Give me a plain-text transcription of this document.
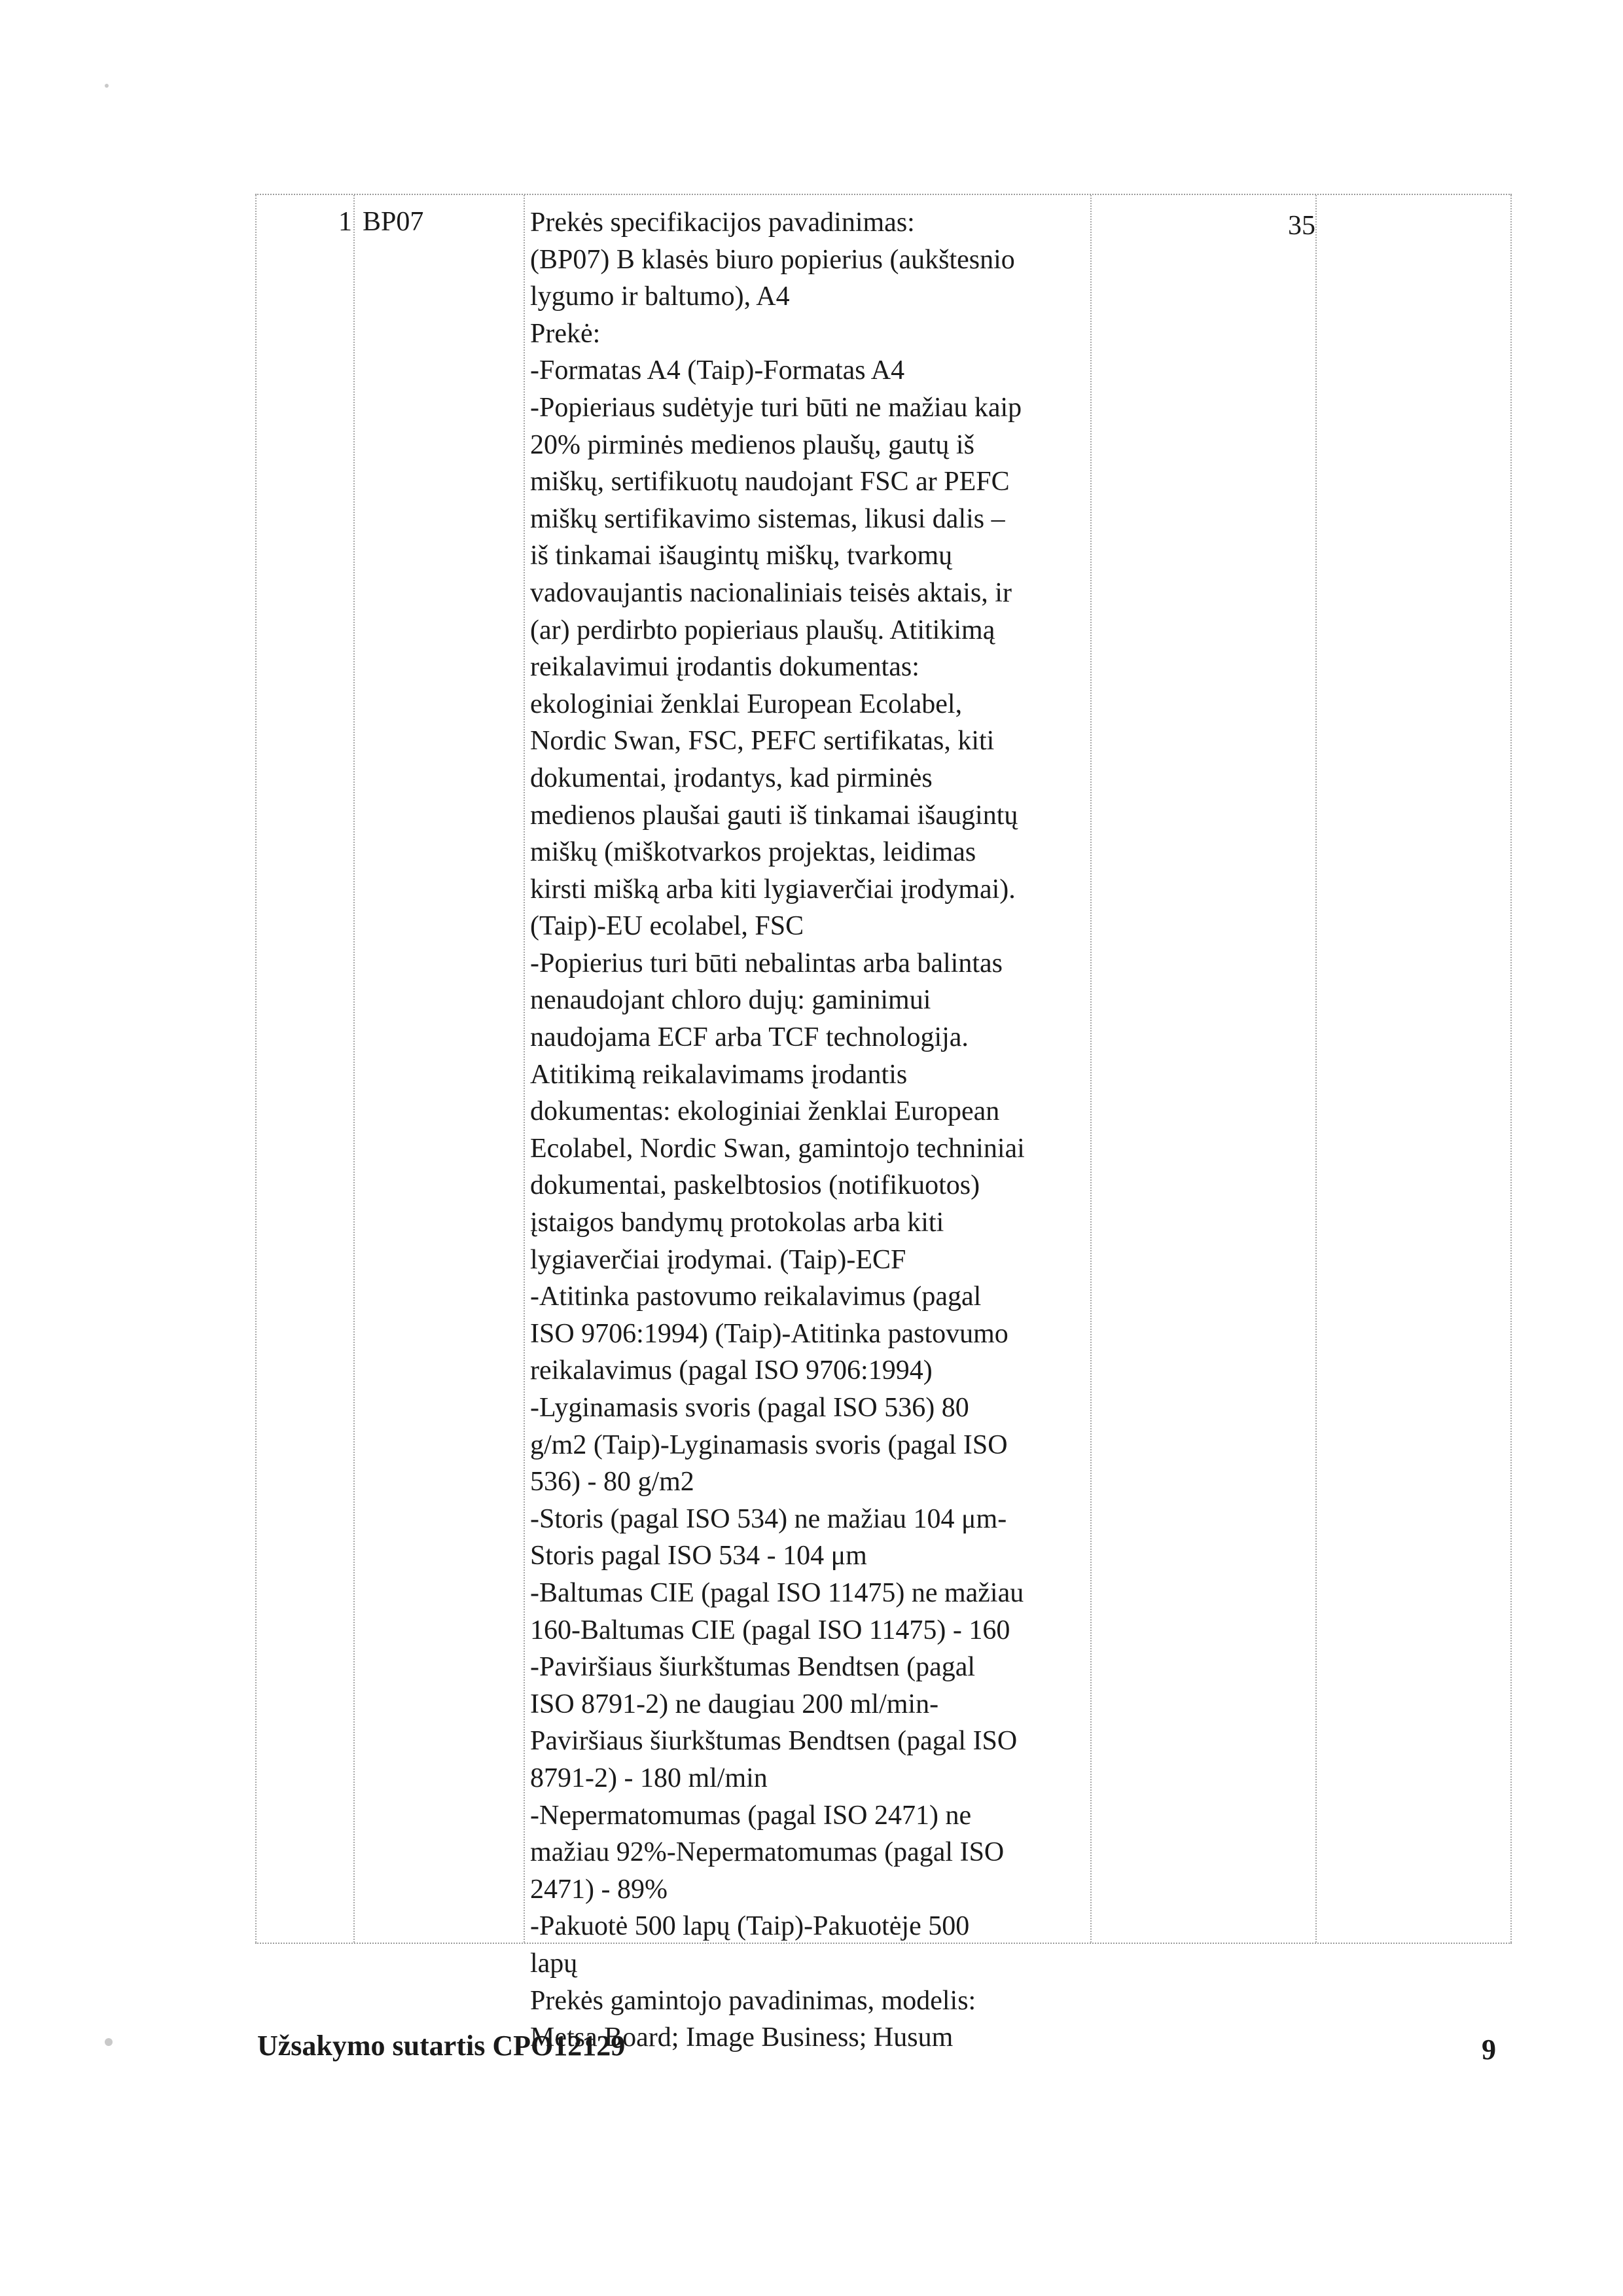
1 BP07	Prekės specifikacijos pavadinimas:
(BP07) B klasės biuro popierius (aukštesnio
lygumo ir baltumo), A4
Prekė:
-Formatas A4 (Taip)-Formatas A4
-Popieriaus sudėtyje turi būti ne mažiau kaip
20% pirminės medienos plaušų, gautų iš
miškų, sertifikuotų naudojant FSC ar PEFC
miškų sertifikavimo sistemas, likusi dalis –
iš tinkamai išaugintų miškų, tvarkomų
vadovaujantis nacionaliniais teisės aktais, ir
(ar) perdirbto popieriaus plaušų. Atitikimą
reikalavimui įrodantis dokumentas:
ekologiniai ženklai European Ecolabel,
Nordic Swan, FSC, PEFC sertifikatas, kiti
dokumentai, įrodantys, kad pirminės
medienos plaušai gauti iš tinkamai išaugintų
miškų (miškotvarkos projektas, leidimas
kirsti mišką arba kiti lygiaverčiai įrodymai).
(Taip)-EU ecolabel, FSC
-Popierius turi būti nebalintas arba balintas
nenaudojant chloro dujų: gaminimui
naudojama ECF arba TCF technologija.
Atitikimą reikalavimams įrodantis
dokumentas: ekologiniai ženklai European
Ecolabel, Nordic Swan, gamintojo techniniai
dokumentai, paskelbtosios (notifikuotos)
įstaigos bandymų protokolas arba kiti
lygiaverčiai įrodymai. (Taip)-ECF
-Atitinka pastovumo reikalavimus (pagal
ISO 9706:1994) (Taip)-Atitinka pastovumo
reikalavimus (pagal ISO 9706:1994)
-Lyginamasis svoris (pagal ISO 536) 80
g/m2 (Taip)-Lyginamasis svoris (pagal ISO
536) - 80 g/m2
-Storis (pagal ISO 534) ne mažiau 104 μm-
Storis pagal ISO 534 - 104 μm
-Baltumas CIE (pagal ISO 11475) ne mažiau
160-Baltumas CIE (pagal ISO 11475) - 160
-Paviršiaus šiurkštumas Bendtsen (pagal
ISO 8791-2) ne daugiau 200 ml/min-
Paviršiaus šiurkštumas Bendtsen (pagal ISO
8791-2) - 180 ml/min
-Nepermatomumas (pagal ISO 2471) ne
mažiau 92%-Nepermatomumas (pagal ISO
2471) - 89%
-Pakuotė 500 lapų (Taip)-Pakuotėje 500
lapų
Prekės gamintojo pavadinimas, modelis:
Metsa Board; Image Business; Husum
35
Užsakymo sutartis CPO12129	9
